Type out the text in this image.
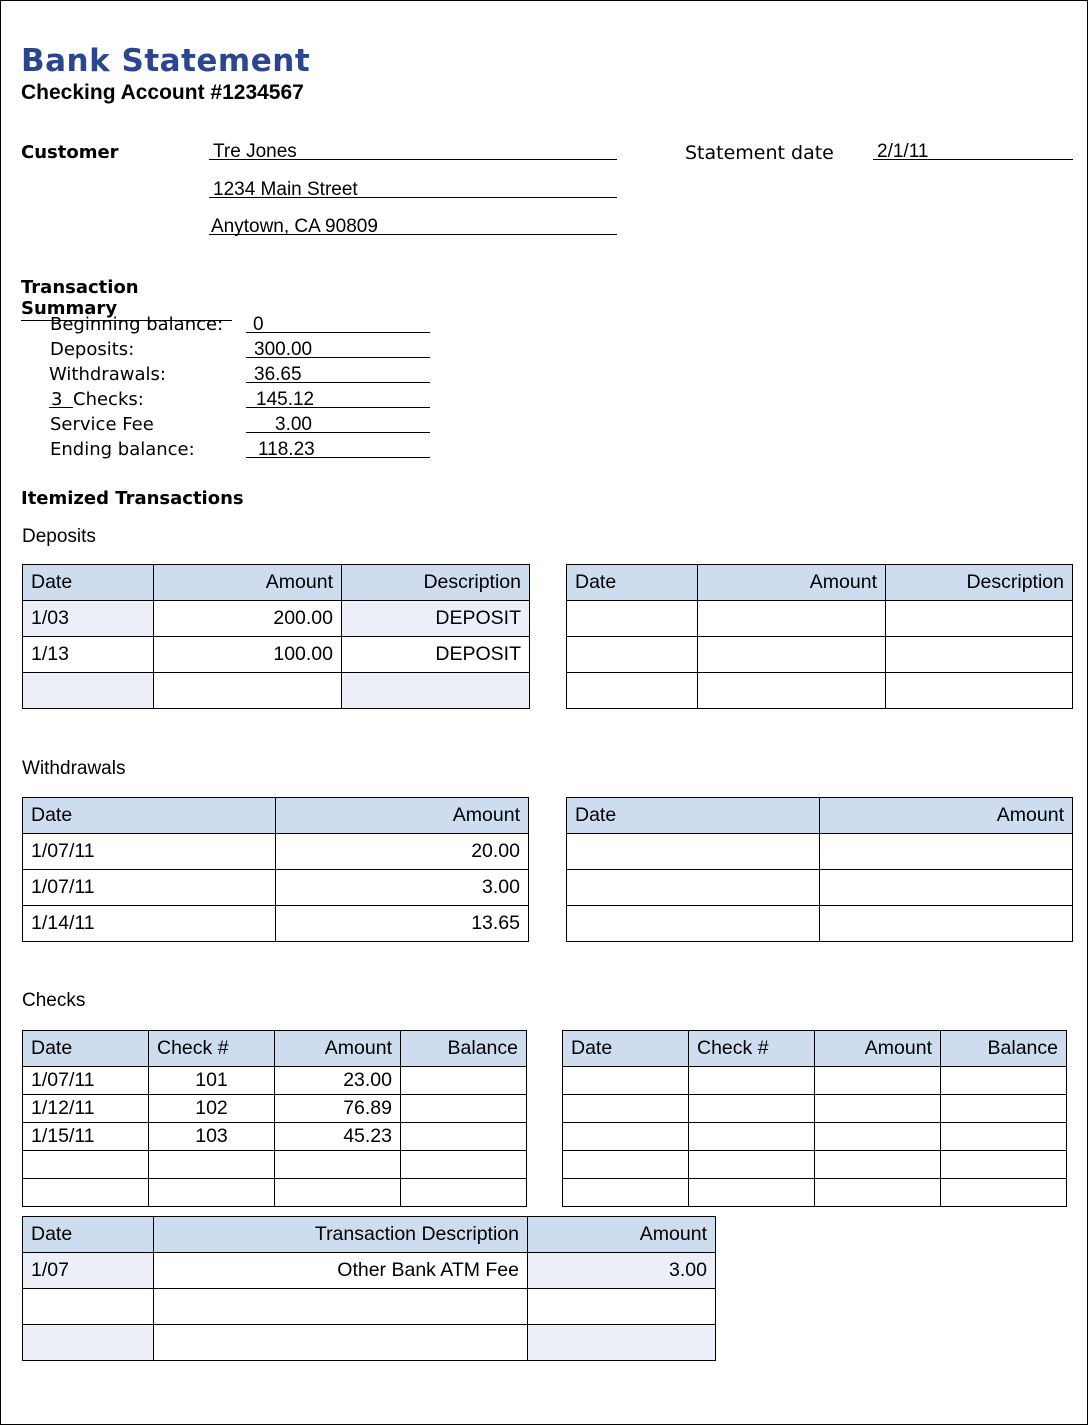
Bank Statement
Checking Account #1234567
Customer	Tre Jones
1234 Main Street
Anytown, CA 90809
Statement date 2/1/11
Transaction Summary
Beginning balance: 0
Deposits:	300.00
Withdrawals:	36.65
3 Checks:	145.12
Service Fee	3.00
Ending balance:	118.23
Itemized Transactions
Deposits
Date	Amount	Description
1/03	200.00	DEPOSIT
1/13	100.00	DEPOSIT

Date	Amount	Description

Withdrawals
Date	Amount
1/07/11	20.00
1/07/11	3.00
1/14/11	13.65
Date	Amount

Checks
Date	Check #	Amount	Balance
1/07/11	101	23.00	
1/12/11	102	76.89	
1/15/11	103	45.23	

Date	Check #	Amount	Balance

Date	Transaction Description	Amount
1/07	Other Bank ATM Fee	3.00
